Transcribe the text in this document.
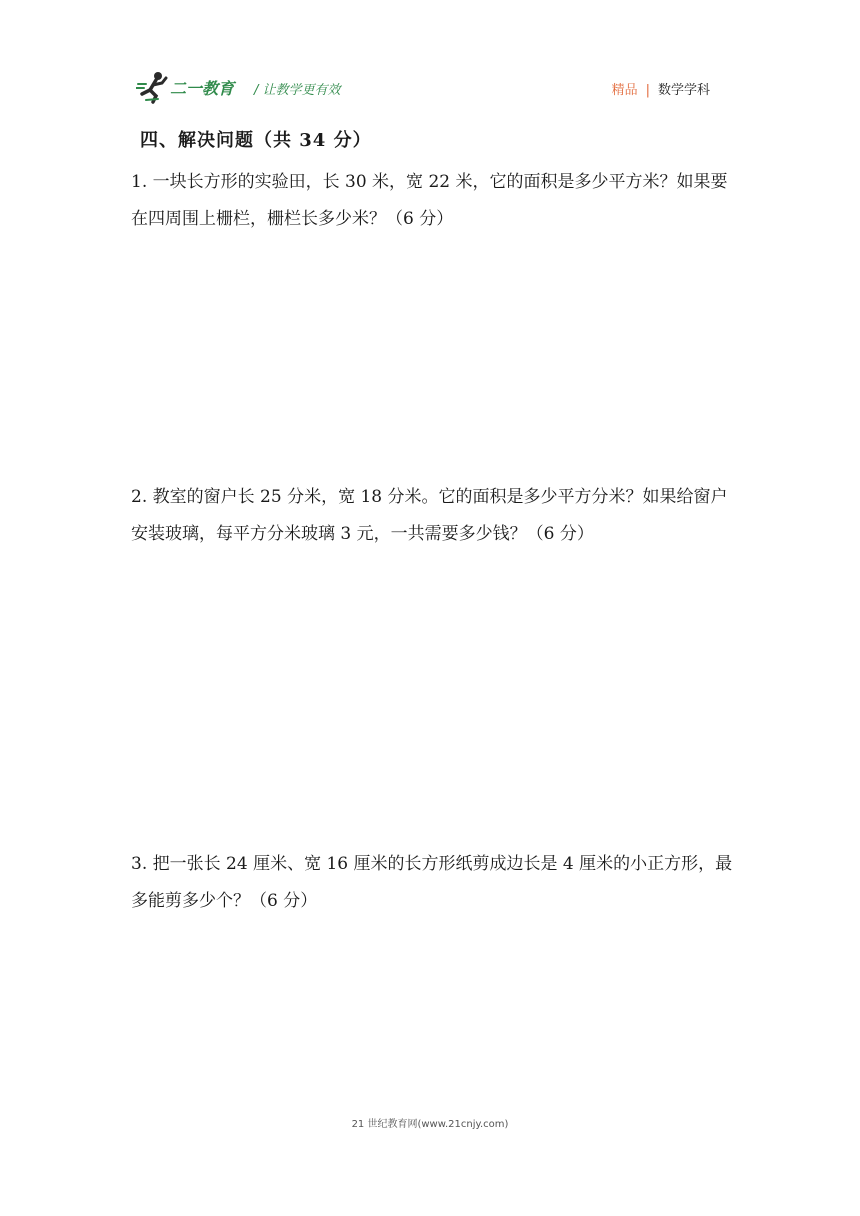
二一教育 / 让教学更有效	精品 | 数学学科
四、解决问题（共 34 分）
1. 一块长方形的实验田，长 30 米，宽 22 米，它的面积是多少平方米？如果要在四周围上栅栏，栅栏长多少米？（6 分）
2. 教室的窗户长 25 分米，宽 18 分米。它的面积是多少平方分米？如果给窗户安装玻璃，每平方分米玻璃 3 元，一共需要多少钱？（6 分）
3. 把一张长 24 厘米、宽 16 厘米的长方形纸剪成边长是 4 厘米的小正方形，最多能剪多少个？（6 分）
21 世纪教育网(www.21cnjy.com)
